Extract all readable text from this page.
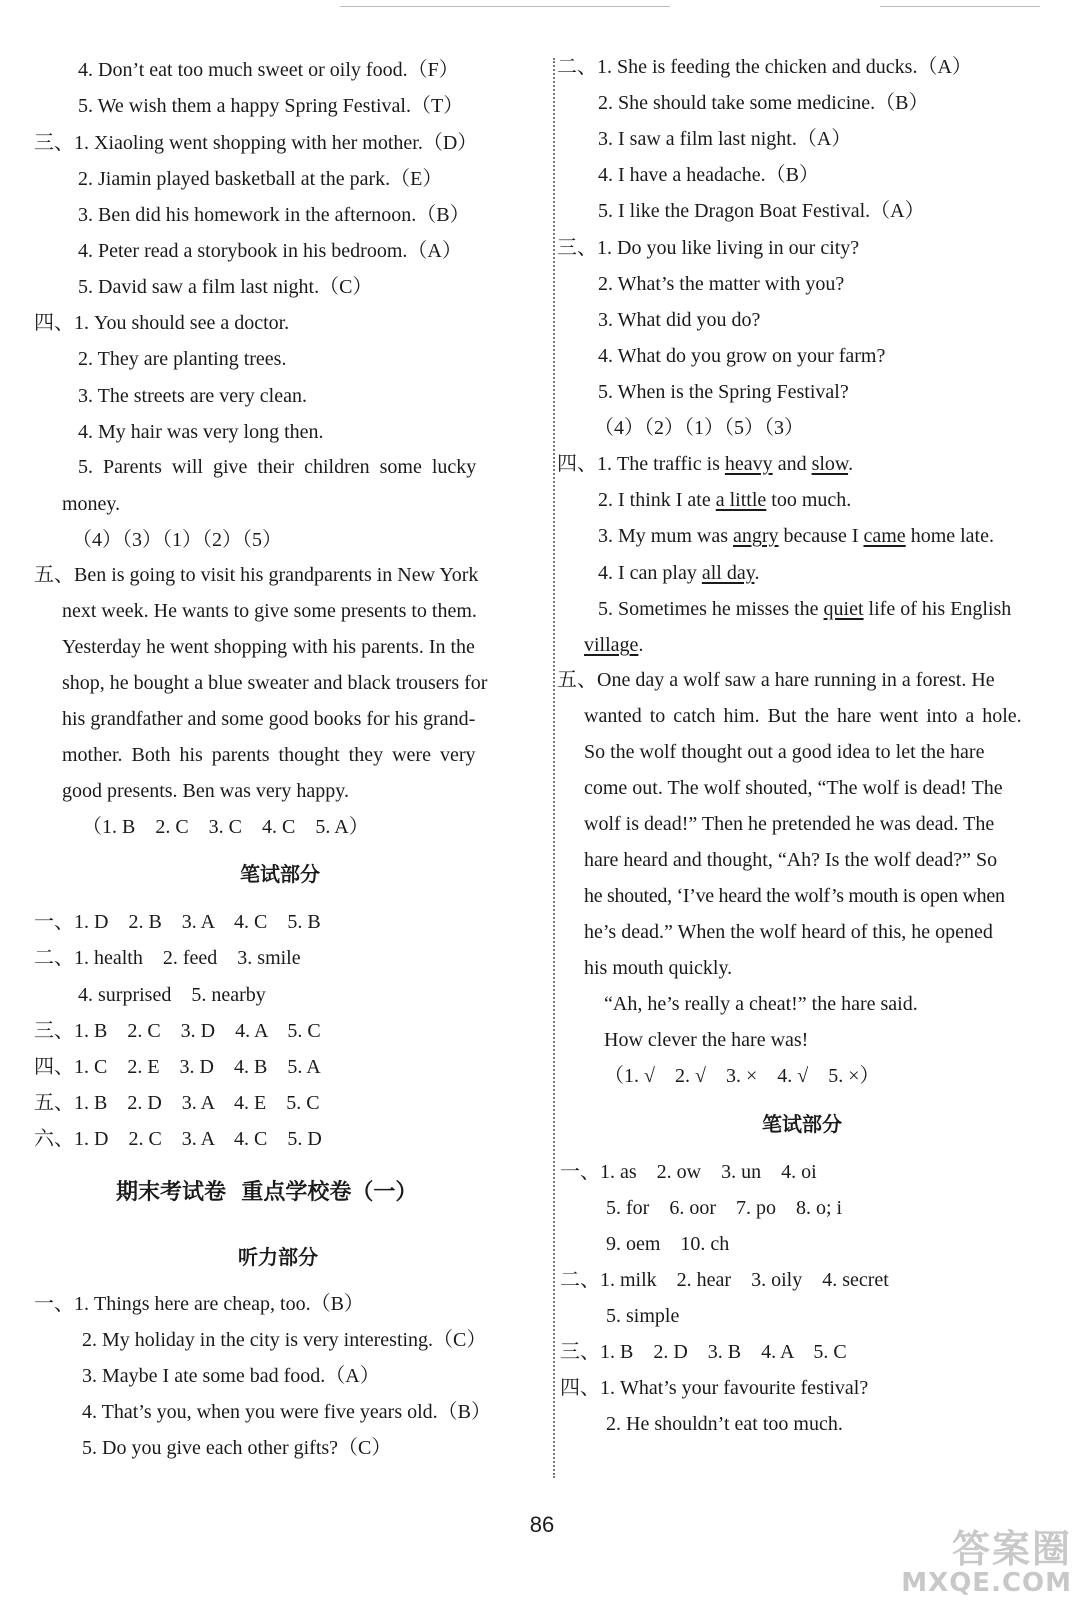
4. Don’t eat too much sweet or oily food.（F）
5. We wish them a happy Spring Festival.（T）
三、1. Xiaoling went shopping with her mother.（D）
2. Jiamin played basketball at the park.（E）
3. Ben did his homework in the afternoon.（B）
4. Peter read a storybook in his bedroom.（A）
5. David saw a film last night.（C）
四、1. You should see a doctor.
2. They are planting trees.
3. The streets are very clean.
4. My hair was very long then.
5. Parents will give their children some lucky
money.
（4）（3）（1）（2）（5）
五、Ben is going to visit his grandparents in New York
next week. He wants to give some presents to them.
Yesterday he went shopping with his parents. In the
shop, he bought a blue sweater and black trousers for
his grandfather and some good books for his grand-
mother. Both his parents thought they were very
good presents. Ben was very happy.
（1. B    2. C    3. C    4. C    5. A）
笔试部分
一、1. D    2. B    3. A    4. C    5. B
二、1. health    2. feed    3. smile
4. surprised    5. nearby
三、1. B    2. C    3. D    4. A    5. C
四、1. C    2. E    3. D    4. B    5. A
五、1. B    2. D    3. A    4. E    5. C
六、1. D    2. C    3. A    4. C    5. D
期末考试卷  重点学校卷（一）
听力部分
一、1. Things here are cheap, too.（B）
2. My holiday in the city is very interesting.（C）
3. Maybe I ate some bad food.（A）
4. That’s you, when you were five years old.（B）
5. Do you give each other gifts?（C）
二、1. She is feeding the chicken and ducks.（A）
2. She should take some medicine.（B）
3. I saw a film last night.（A）
4. I have a headache.（B）
5. I like the Dragon Boat Festival.（A）
三、1. Do you like living in our city?
2. What’s the matter with you?
3. What did you do?
4. What do you grow on your farm?
5. When is the Spring Festival?
（4）（2）（1）（5）（3）
四、1. The traffic is heavy and slow.
2. I think I ate a little too much.
3. My mum was angry because I came home late.
4. I can play all day.
5. Sometimes he misses the quiet life of his English
village.
五、One day a wolf saw a hare running in a forest. He
wanted to catch him. But the hare went into a hole.
So the wolf thought out a good idea to let the hare
come out. The wolf shouted, “The wolf is dead! The
wolf is dead!” Then he pretended he was dead. The
hare heard and thought, “Ah? Is the wolf dead?” So
he shouted, ‘I’ve heard the wolf’s mouth is open when
he’s dead.” When the wolf heard of this, he opened
his mouth quickly.
“Ah, he’s really a cheat!” the hare said.
How clever the hare was!
（1. √    2. √    3. ×    4. √    5. ×）
笔试部分
一、1. as    2. ow    3. un    4. oi
5. for    6. oor    7. po    8. o; i
9. oem    10. ch
二、1. milk    2. hear    3. oily    4. secret
5. simple
三、1. B    2. D    3. B    4. A    5. C
四、1. What’s your favourite festival?
2. He shouldn’t eat too much.
86
答案圈
MXQE.COM
